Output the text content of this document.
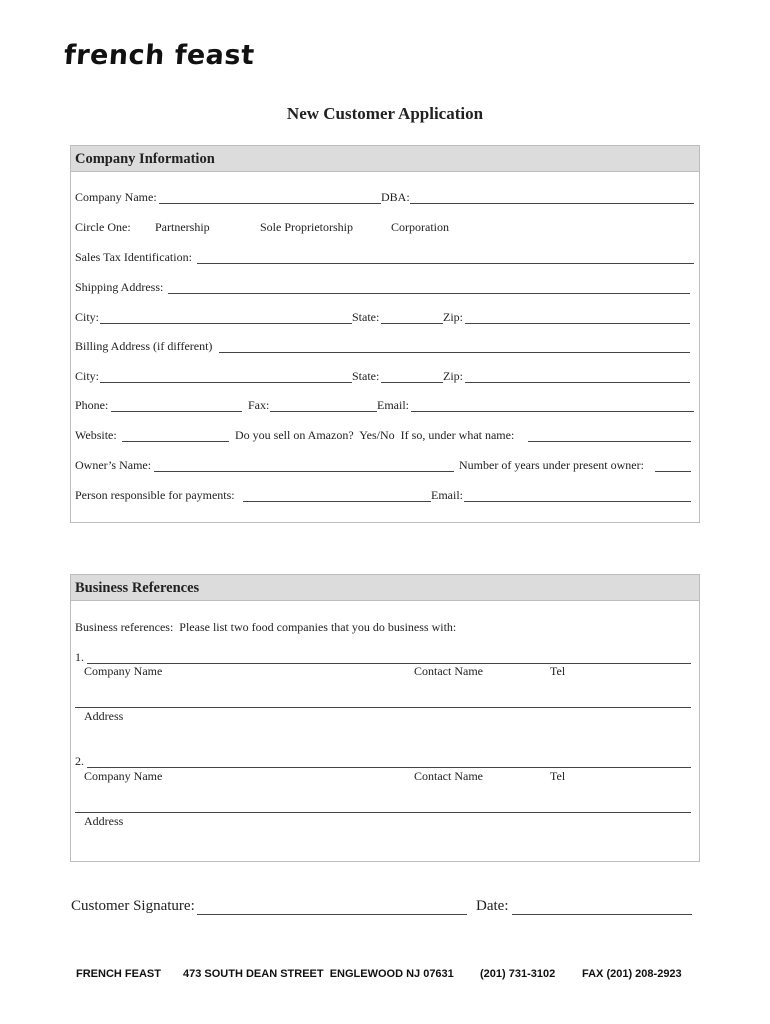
french feast
New Customer Application
Company Information
Company Name:	DBA:
Circle One: Partnership	Sole Proprietorship	Corporation
Sales Tax Identification:
Shipping Address:
City:	State:	Zip:
Billing Address (if different)
City:	State:	Zip:
Phone:	Fax:	Email:
Website:	Do you sell on Amazon?  Yes/No  If so, under what name:
Owner’s Name:	Number of years under present owner:
Person responsible for payments:	Email:
Business References
Business references:  Please list two food companies that you do business with:
1.
Company Name	Contact Name	Tel
Address
2.
Company Name	Contact Name	Tel
Address
Customer Signature:	Date:
FRENCH FEAST 473 SOUTH DEAN STREET  ENGLEWOOD NJ 07631 (201) 731-3102 FAX (201) 208-2923
